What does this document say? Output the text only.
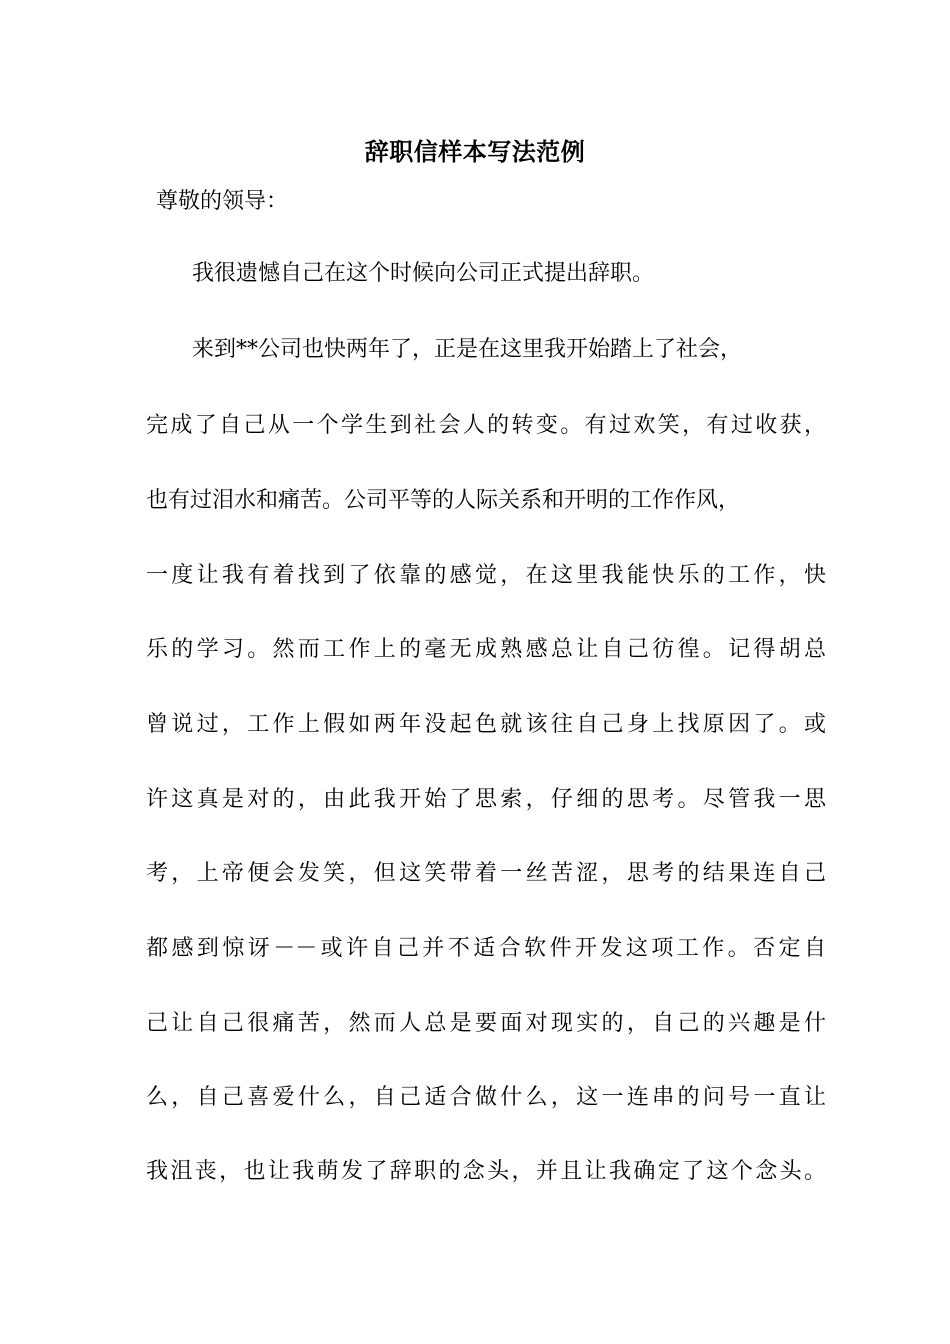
辞职信样本写法范例
尊敬的领导：
我很遗憾自己在这个时候向公司正式提出辞职。
来到**公司也快两年了，正是在这里我开始踏上了社会，
完成了自己从一个学生到社会人的转变。有过欢笑，有过收获，
也有过泪水和痛苦。公司平等的人际关系和开明的工作作风，
一度让我有着找到了依靠的感觉，在这里我能快乐的工作，快
乐的学习。然而工作上的毫无成熟感总让自己彷徨。记得胡总
曾说过，工作上假如两年没起色就该往自己身上找原因了。或
许这真是对的，由此我开始了思索，仔细的思考。尽管我一思
考，上帝便会发笑，但这笑带着一丝苦涩，思考的结果连自己
都感到惊讶－－或许自己并不适合软件开发这项工作。否定自
己让自己很痛苦，然而人总是要面对现实的，自己的兴趣是什
么，自己喜爱什么，自己适合做什么，这一连串的问号一直让
我沮丧，也让我萌发了辞职的念头，并且让我确定了这个念头。
